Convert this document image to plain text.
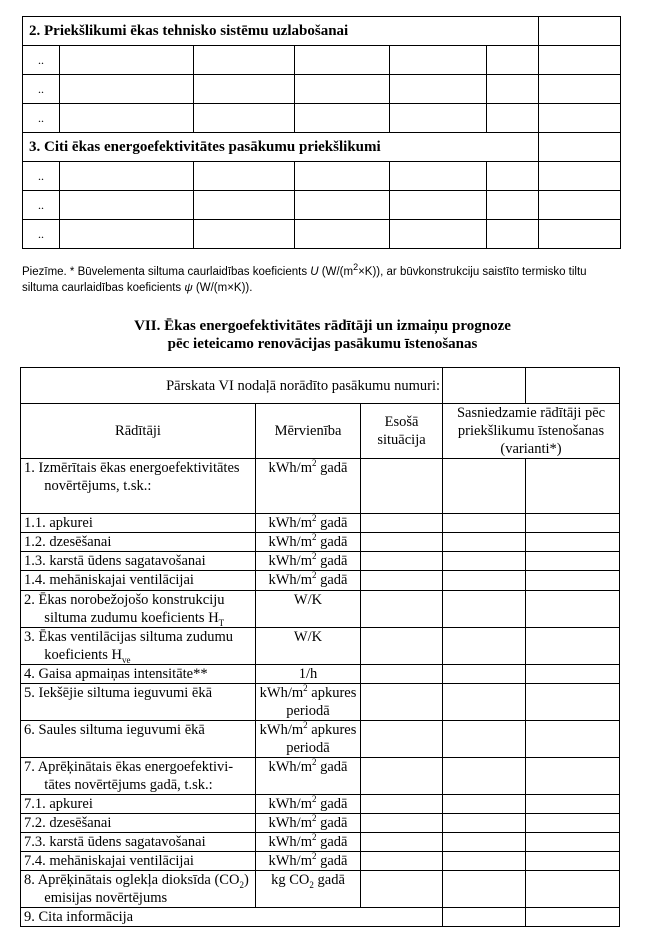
2. Priekšlikumi ēkas tehnisko sistēmu uzlabošanai						
..						
..						
..						
3. Citi ēkas energoefektivitātes pasākumu priekšlikumi						
..						
..						
..						
Piezīme. * Būvelementa siltuma caurlaidības koeficients U $(W/(m^2\times K))$, ar būvkonstrukciju saistīto termisko tiltu siltuma caurlaidības koeficients ψ (W/(m×K)).
VII. Ēkas energoefektivitātes rādītāji un izmaiņu prognoze
pēc ieteicamo renovācijas pasākumu īstenošanas
Pārskata VI nodaļā norādīto pasākumu numuri:				
Rādītāji	Mērvienība	Esošā situācija	Sasniedzamie rādītāji pēc priekšlikumu īstenošanas (varianti*)	
1. Izmērītais ēkas energoefektivitātes novērtējums, t.sk.:	kWh/$m^2$ gadā			
1.1. apkurei	kWh/$m^2$ gadā			
1.2. dzesēšanai	kWh/$m^2$ gadā			
1.3. karstā ūdens sagatavošanai	kWh/$m^2$ gadā			
1.4. mehāniskajai ventilācijai	kWh/$m^2$ gadā			
2. Ēkas norobežojošo konstrukciju siltuma zudumu koeficients $H_T$	W/K			
3. Ēkas ventilācijas siltuma zudumu koeficients $H_{ve}$	W/K			
4. Gaisa apmaiņas intensitāte**	1/h			
5. Iekšējie siltuma ieguvumi ēkā	kWh/$m^2$ apkures periodā			
6. Saules siltuma ieguvumi ēkā	kWh/$m^2$ apkures periodā			
7. Aprēķinātais ēkas energoefektivi-tātes novērtējums gadā, t.sk.:	kWh/$m^2$ gadā			
7.1. apkurei	kWh/$m^2$ gadā			
7.2. dzesēšanai	kWh/$m^2$ gadā			
7.3. karstā ūdens sagatavošanai	kWh/$m^2$ gadā			
7.4. mehāniskajai ventilācijai	kWh/$m^2$ gadā			
8. Aprēķinātais oglekļa dioksīda $(CO_2)$ emisijas novērtējums	kg $CO_2$ gadā			
9. Cita informācija				
